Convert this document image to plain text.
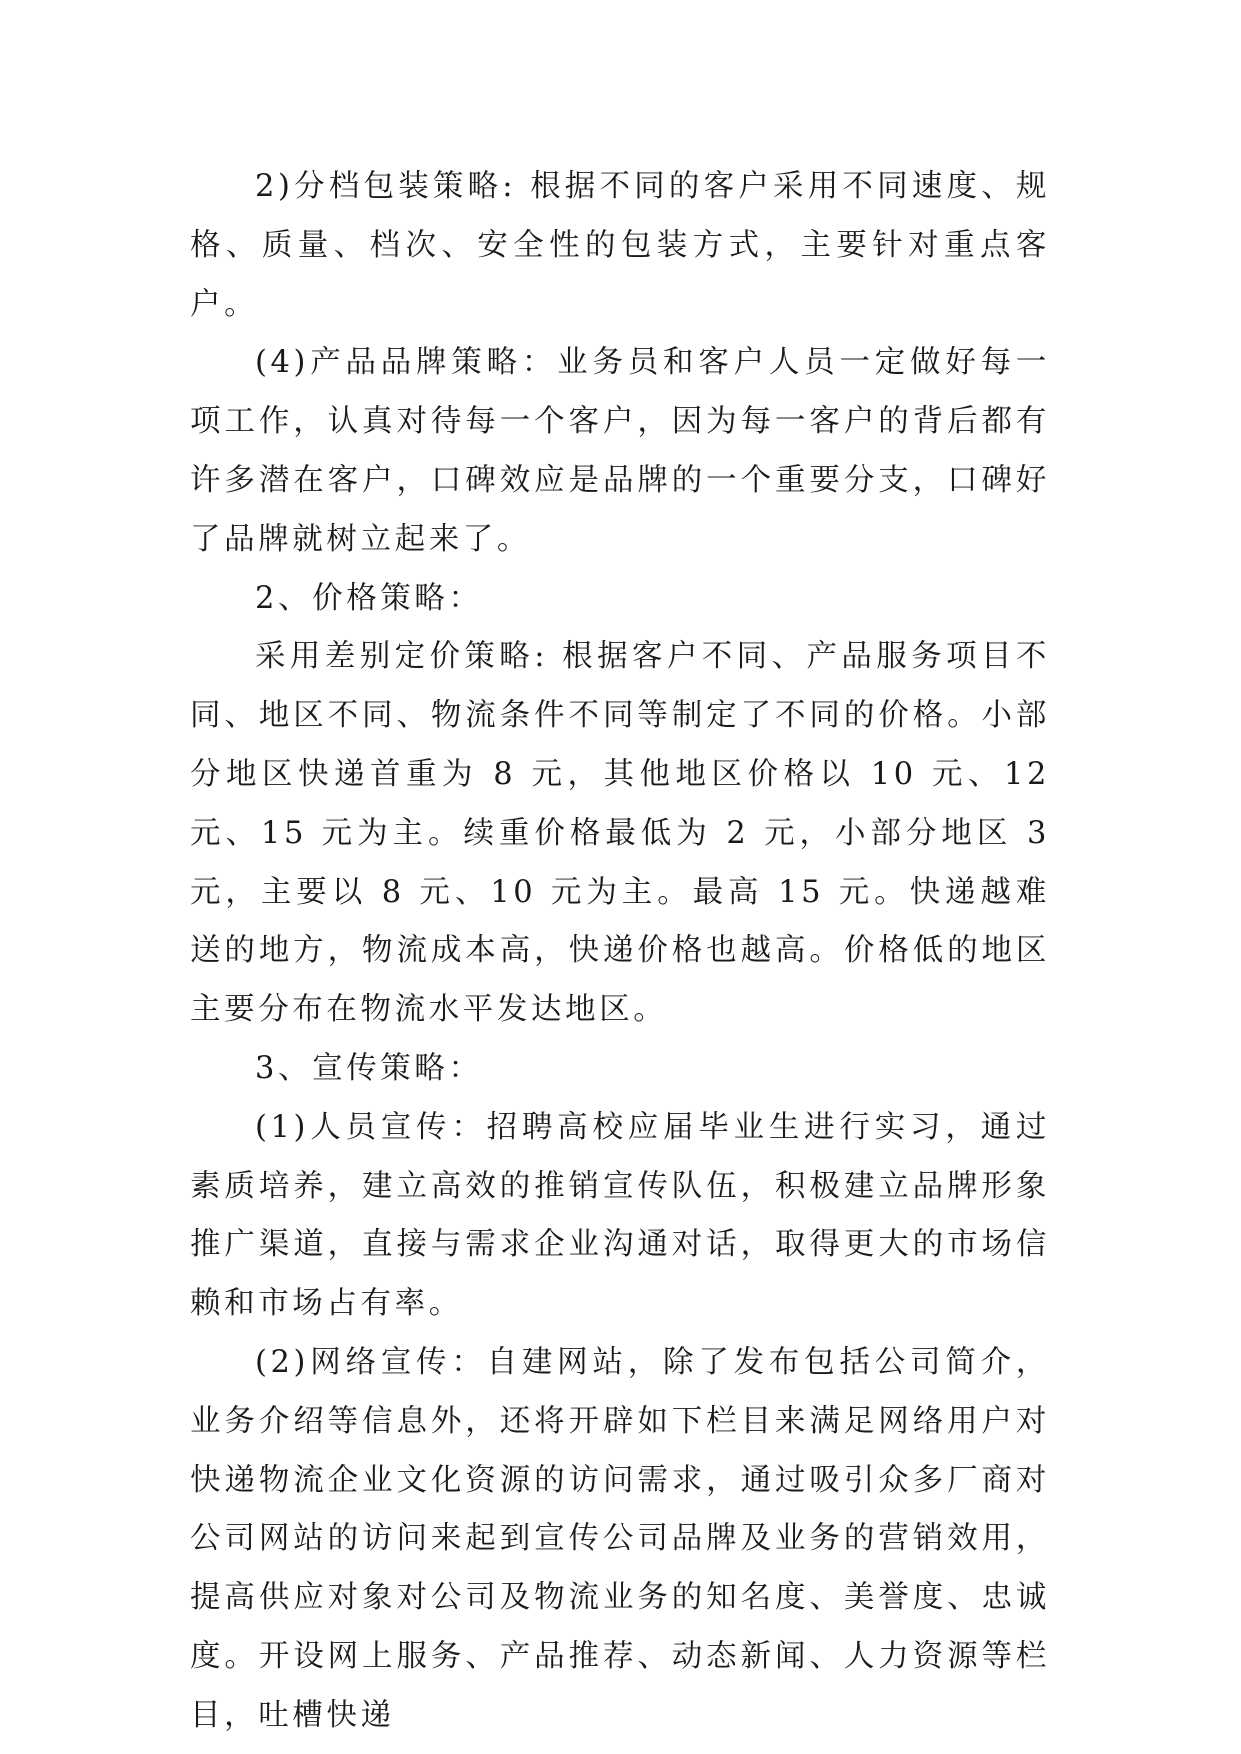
2)分档包装策略: 根据不同的客户采用不同速度、规格、质量、档次、安全性的包装方式，主要针对重点客户。

(4)产品品牌策略：业务员和客户人员一定做好每一项工作，认真对待每一个客户，因为每一客户的背后都有许多潜在客户，口碑效应是品牌的一个重要分支，口碑好了品牌就树立起来了。

2、价格策略：

采用差别定价策略: 根据客户不同、产品服务项目不同、地区不同、物流条件不同等制定了不同的价格。小部分地区快递首重为 8 元，其他地区价格以 10 元、12 元、15 元为主。续重价格最低为 2 元，小部分地区 3 元，主要以 8 元、10 元为主。最高 15 元。快递越难送的地方，物流成本高，快递价格也越高。价格低的地区主要分布在物流水平发达地区。

3、宣传策略：

(1)人员宣传：招聘高校应届毕业生进行实习，通过素质培养，建立高效的推销宣传队伍，积极建立品牌形象推广渠道，直接与需求企业沟通对话，取得更大的市场信赖和市场占有率。

(2)网络宣传：自建网站，除了发布包括公司简介，业务介绍等信息外，还将开辟如下栏目来满足网络用户对快递物流企业文化资源的访问需求，通过吸引众多厂商对公司网站的访问来起到宣传公司品牌及业务的营销效用，提高供应对象对公司及物流业务的知名度、美誉度、忠诚度。开设网上服务、产品推荐、动态新闻、人力资源等栏目，吐槽快递
